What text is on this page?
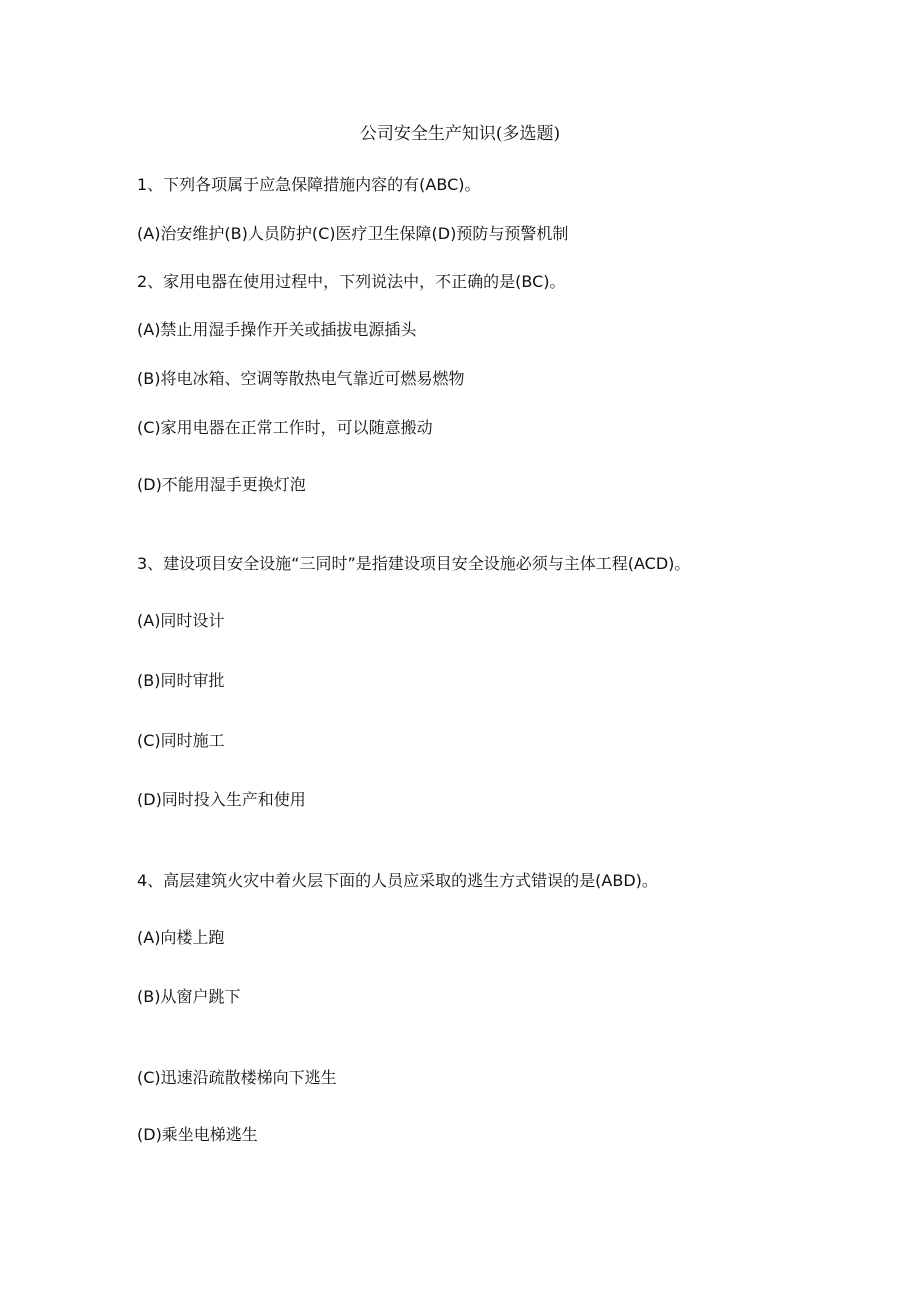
公司安全生产知识(多选题)
1、下列各项属于应急保障措施内容的有(ABC)。
(A)治安维护(B)人员防护(C)医疗卫生保障(D)预防与预警机制
2、家用电器在使用过程中，下列说法中，不正确的是(BC)。
(A)禁止用湿手操作开关或插拔电源插头
(B)将电冰箱、空调等散热电气靠近可燃易燃物
(C)家用电器在正常工作时，可以随意搬动
(D)不能用湿手更换灯泡
3、建设项目安全设施“三同时”是指建设项目安全设施必须与主体工程(ACD)。
(A)同时设计
(B)同时审批
(C)同时施工
(D)同时投入生产和使用
4、高层建筑火灾中着火层下面的人员应采取的逃生方式错误的是(ABD)。
(A)向楼上跑
(B)从窗户跳下
(C)迅速沿疏散楼梯向下逃生
(D)乘坐电梯逃生
